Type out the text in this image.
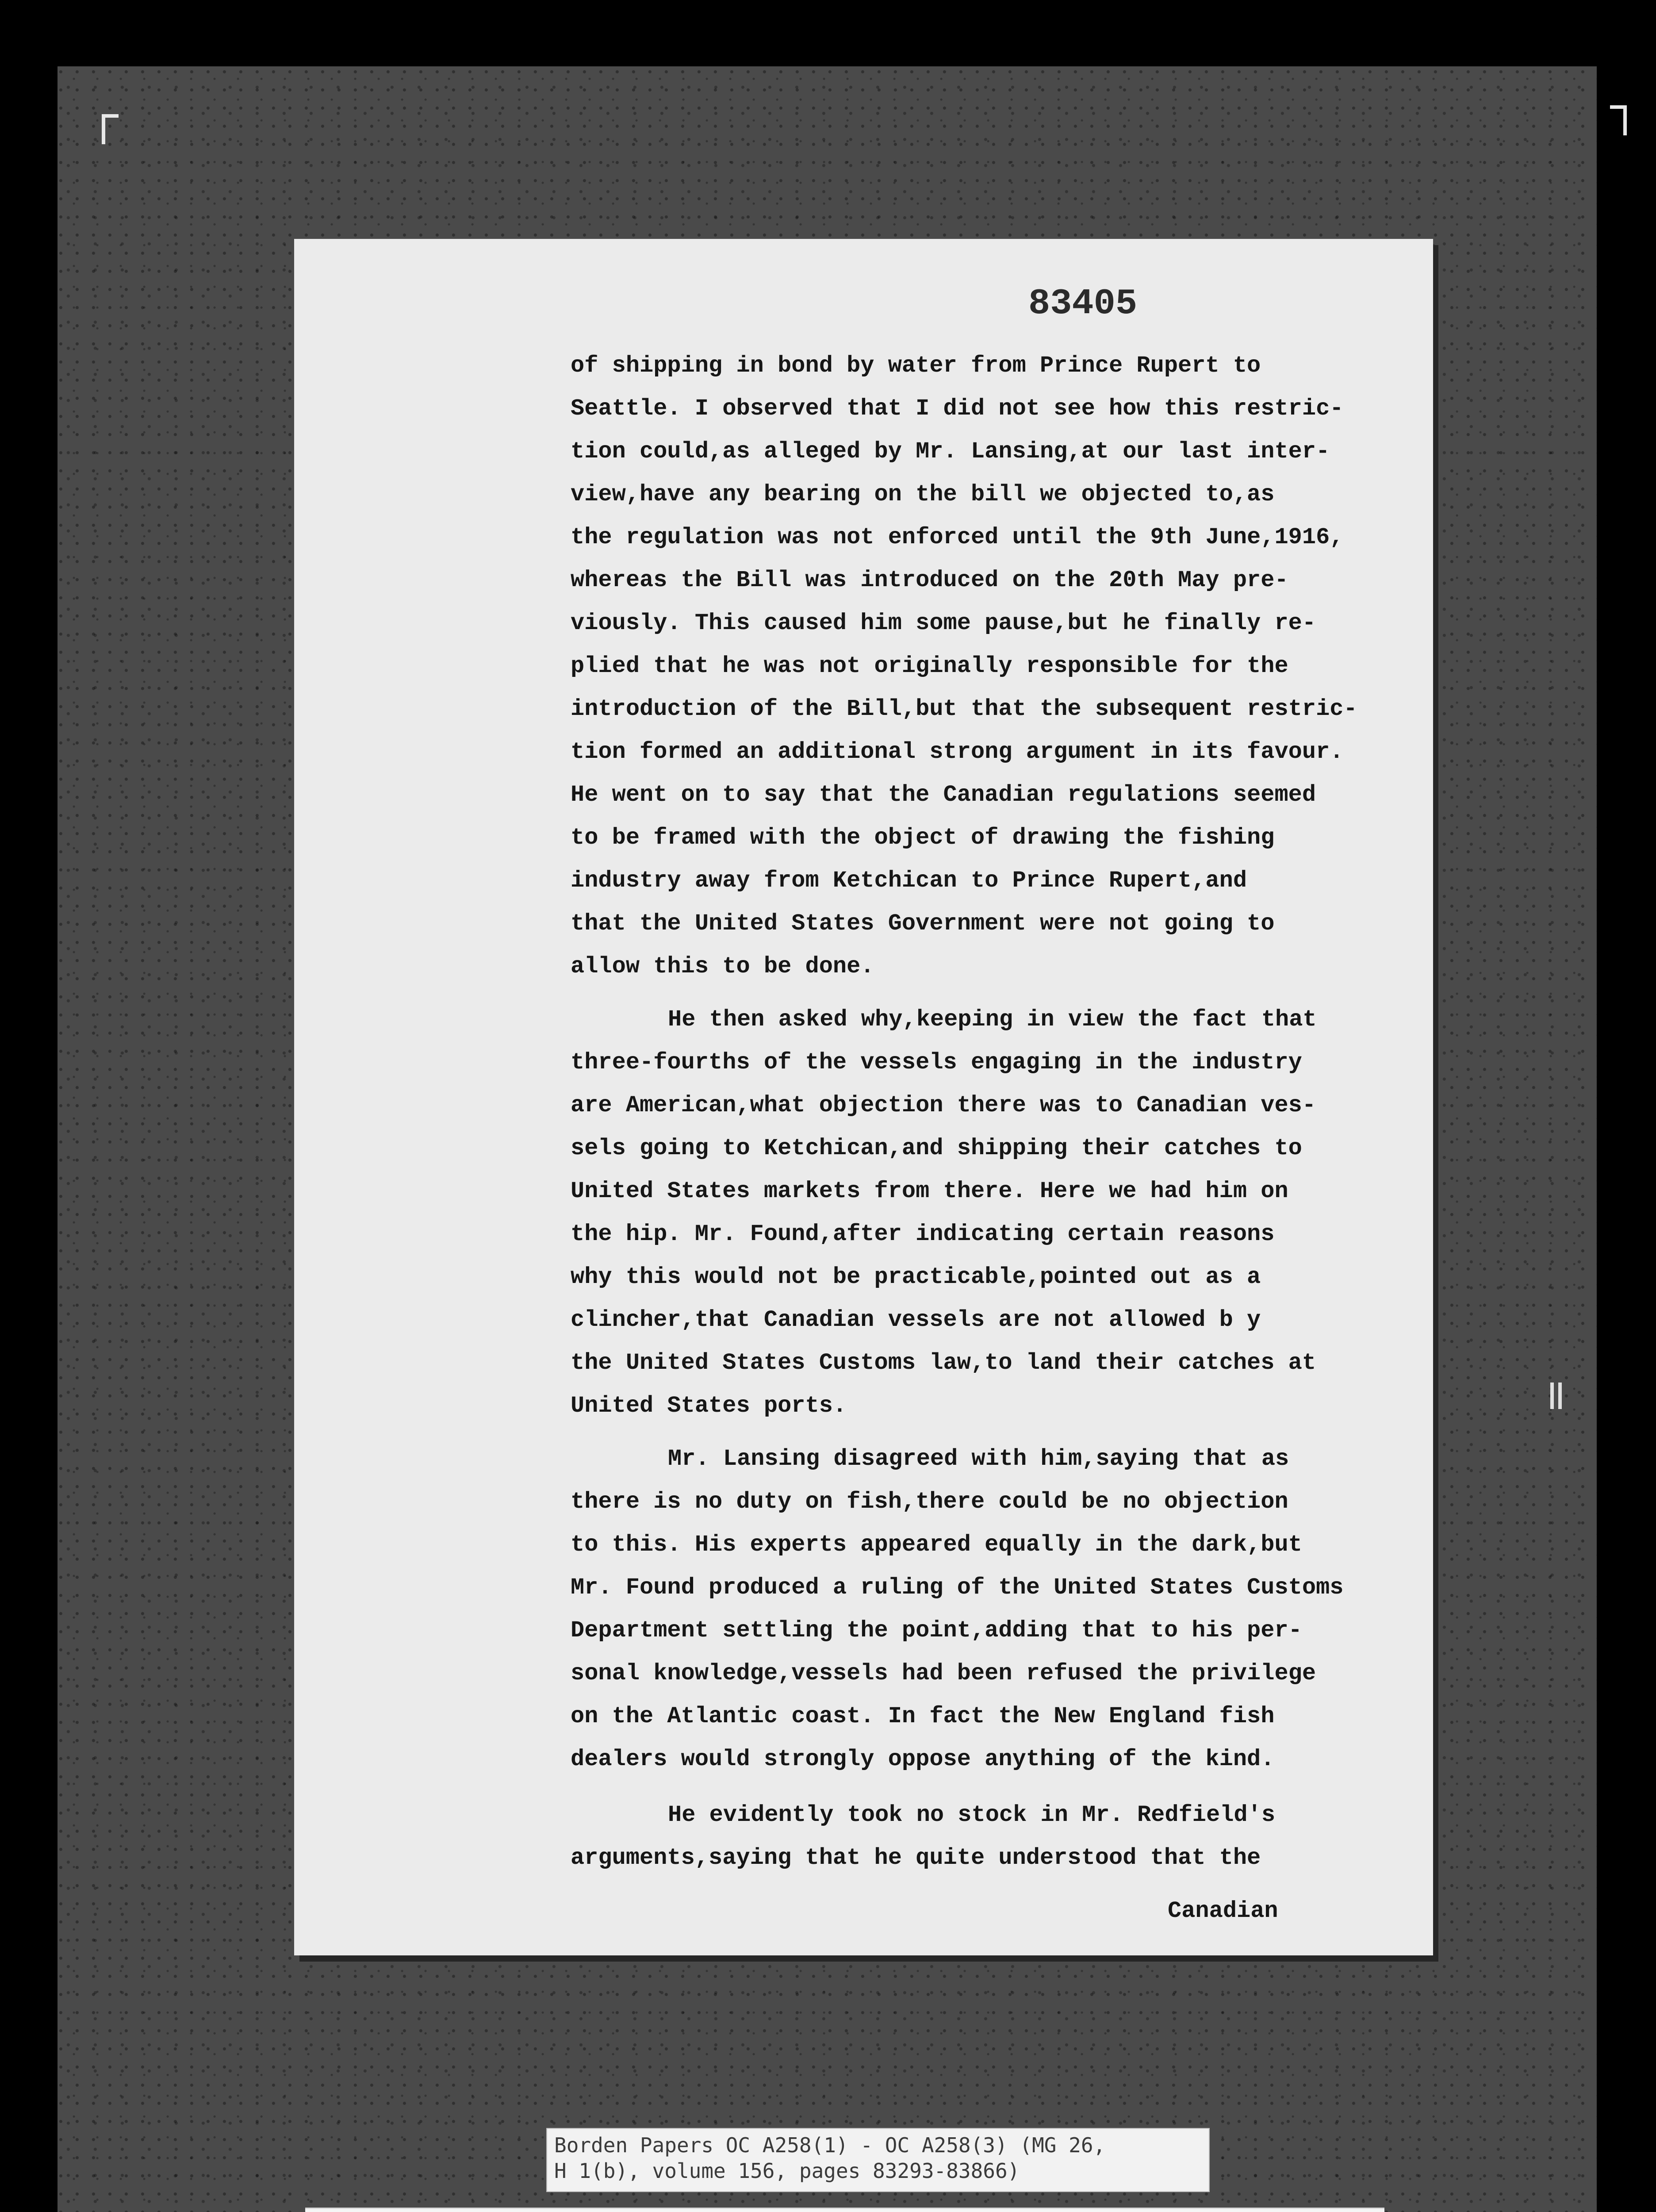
83405
of shipping in bond by water from Prince Rupert to
Seattle. I observed that I did not see how this restric-
tion could,as alleged by Mr. Lansing,at our last inter-
view,have any bearing on the bill we objected to,as
the regulation was not enforced until the 9th June,1916,
whereas the Bill was introduced on the 20th May pre-
viously. This caused him some pause,but he finally re-
plied that he was not originally responsible for the
introduction of the Bill,but that the subsequent restric-
tion formed an additional strong argument in its favour.
He went on to say that the Canadian regulations seemed
to be framed with the object of drawing the fishing
industry away from Ketchican to Prince Rupert,and
that the United States Government were not going to
allow this to be done.
He then asked why,keeping in view the fact that
three-fourths of the vessels engaging in the industry
are American,what objection there was to Canadian ves-
sels going to Ketchican,and shipping their catches to
United States markets from there. Here we had him on
the hip. Mr. Found,after indicating certain reasons
why this would not be practicable,pointed out as a
clincher,that Canadian vessels are not allowed b y
the United States Customs law,to land their catches at
United States ports.
Mr. Lansing disagreed with him,saying that as
there is no duty on fish,there could be no objection
to this. His experts appeared equally in the dark,but
Mr. Found produced a ruling of the United States Customs
Department settling the point,adding that to his per-
sonal knowledge,vessels had been refused the privilege
on the Atlantic coast. In fact the New England fish
dealers would strongly oppose anything of the kind.
He evidently took no stock in Mr. Redfield's
arguments,saying that he quite understood that the
Canadian
Borden Papers OC A258(1) - OC A258(3) (MG 26,
H 1(b), volume 156, pages 83293-83866)
